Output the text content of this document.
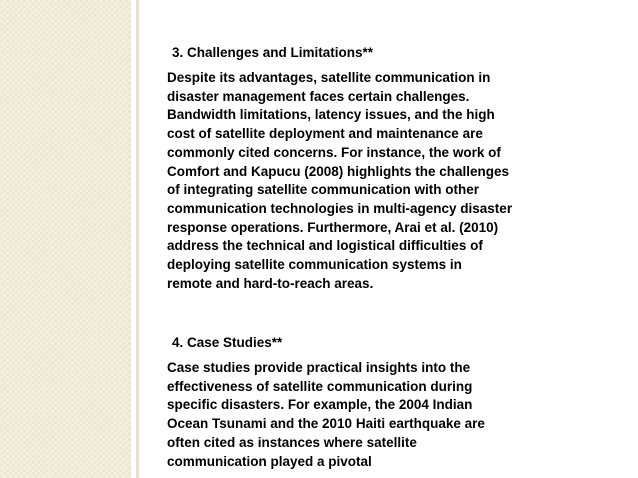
3. Challenges and Limitations**

Despite its advantages, satellite communication in
disaster management faces certain challenges.
Bandwidth limitations, latency issues, and the high
cost of satellite deployment and maintenance are
commonly cited concerns. For instance, the work of
Comfort and Kapucu (2008) highlights the challenges
of integrating satellite communication with other
communication technologies in multi-agency disaster
response operations. Furthermore, Arai et al. (2010)
address the technical and logistical difficulties of
deploying satellite communication systems in
remote and hard-to-reach areas.

4. Case Studies**

Case studies provide practical insights into the
effectiveness of satellite communication during
specific disasters. For example, the 2004 Indian
Ocean Tsunami and the 2010 Haiti earthquake are
often cited as instances where satellite
communication played a pivotal
